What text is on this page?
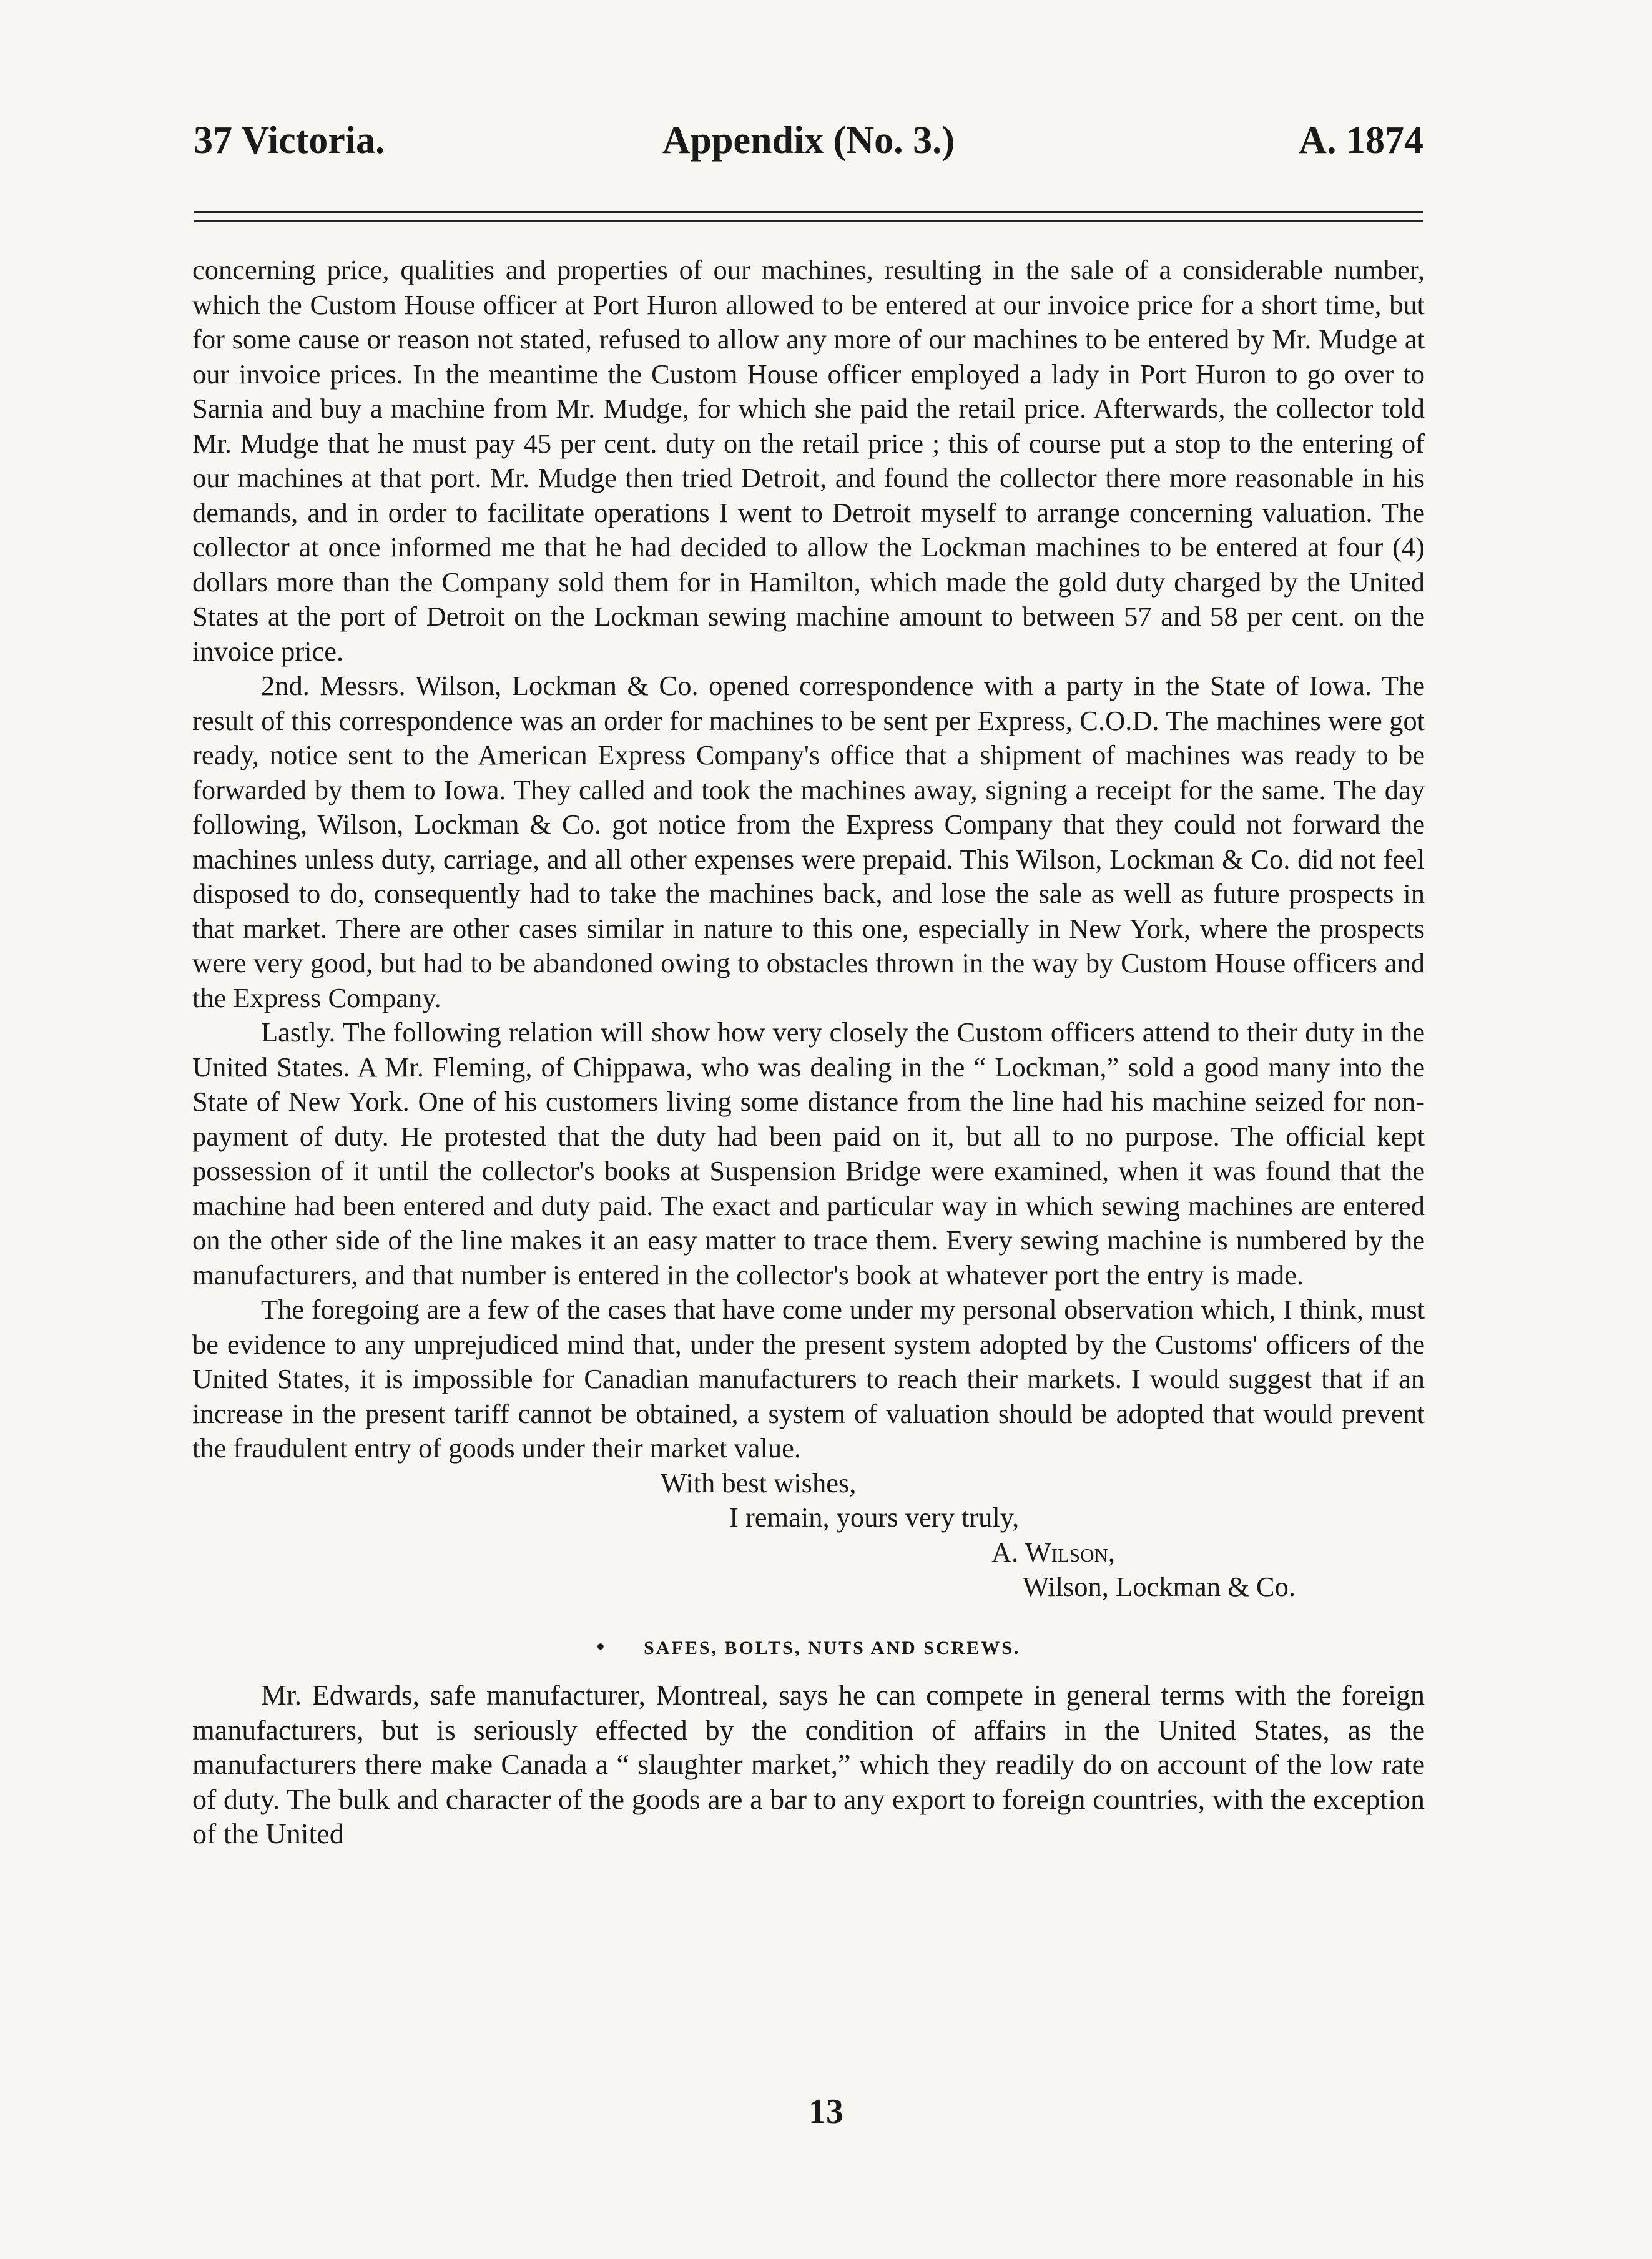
37 Victoria.	Appendix (No. 3.)	A. 1874

concerning price, qualities and properties of our machines, resulting in the sale of a considerable number, which the Custom House officer at Port Huron allowed to be entered at our invoice price for a short time, but for some cause or reason not stated, refused to allow any more of our machines to be entered by Mr. Mudge at our invoice prices. In the meantime the Custom House officer employed a lady in Port Huron to go over to Sarnia and buy a machine from Mr. Mudge, for which she paid the retail price. Afterwards, the collector told Mr. Mudge that he must pay 45 per cent. duty on the retail price ; this of course put a stop to the entering of our machines at that port. Mr. Mudge then tried Detroit, and found the collector there more reasonable in his demands, and in order to facilitate operations I went to Detroit myself to arrange concerning valuation. The collector at once informed me that he had decided to allow the Lockman machines to be entered at four (4) dollars more than the Company sold them for in Hamilton, which made the gold duty charged by the United States at the port of Detroit on the Lockman sewing machine amount to between 57 and 58 per cent. on the invoice price.

2nd. Messrs. Wilson, Lockman & Co. opened correspondence with a party in the State of Iowa. The result of this correspondence was an order for machines to be sent per Express, C.O.D. The machines were got ready, notice sent to the American Express Company's office that a shipment of machines was ready to be forwarded by them to Iowa. They called and took the machines away, signing a receipt for the same. The day following, Wilson, Lockman & Co. got notice from the Express Company that they could not forward the machines unless duty, carriage, and all other expenses were prepaid. This Wilson, Lockman & Co. did not feel disposed to do, consequently had to take the machines back, and lose the sale as well as future prospects in that market. There are other cases similar in nature to this one, especially in New York, where the prospects were very good, but had to be abandoned owing to obstacles thrown in the way by Custom House officers and the Express Company.

Lastly. The following relation will show how very closely the Custom officers attend to their duty in the United States. A Mr. Fleming, of Chippawa, who was dealing in the “ Lockman,” sold a good many into the State of New York. One of his customers living some distance from the line had his machine seized for non-payment of duty. He protested that the duty had been paid on it, but all to no purpose. The official kept possession of it until the collector's books at Suspension Bridge were examined, when it was found that the machine had been entered and duty paid. The exact and particular way in which sewing machines are entered on the other side of the line makes it an easy matter to trace them. Every sewing machine is numbered by the manufacturers, and that number is entered in the collector's book at whatever port the entry is made.

The foregoing are a few of the cases that have come under my personal observation which, I think, must be evidence to any unprejudiced mind that, under the present system adopted by the Customs' officers of the United States, it is impossible for Canadian manufacturers to reach their markets. I would suggest that if an increase in the present tariff cannot be obtained, a system of valuation should be adopted that would prevent the fraudulent entry of goods under their market value.

With best wishes,
I remain, yours very truly,
A. Wilson,
Wilson, Lockman & Co.
• SAFES, BOLTS, NUTS AND SCREWS.

Mr. Edwards, safe manufacturer, Montreal, says he can compete in general terms with the foreign manufacturers, but is seriously effected by the condition of affairs in the United States, as the manufacturers there make Canada a “ slaughter market,” which they readily do on account of the low rate of duty. The bulk and character of the goods are a bar to any export to foreign countries, with the exception of the United

13
